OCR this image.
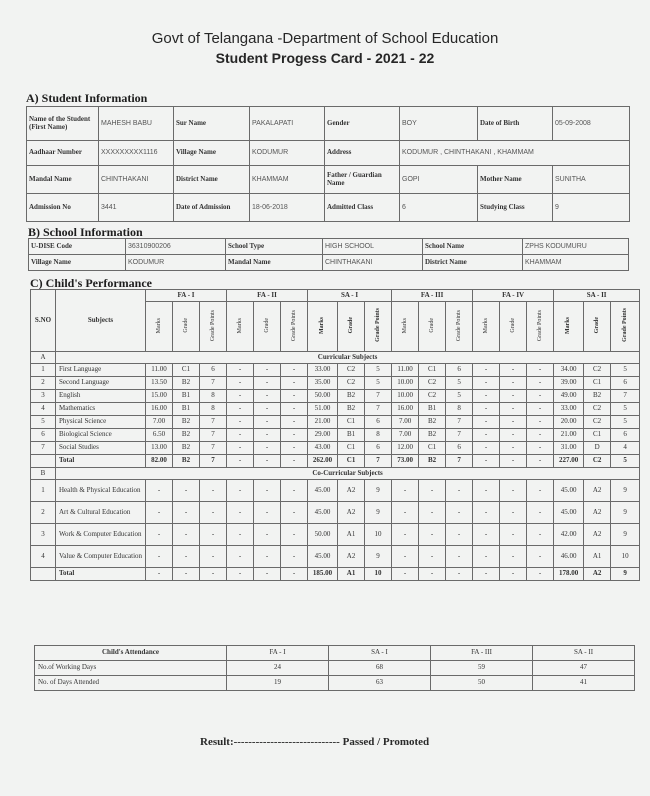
Govt of Telangana -Department of School Education
Student Progess Card - 2021 - 22
A) Student Information
Name of the Student (First Name)	MAHESH BABU	Sur Name	PAKALAPATI	Gender	BOY	Date of Birth	05-09-2008
Aadhaar Number	XXXXXXXXX1116	Village Name	KODUMUR	Address	KODUMUR , CHINTHAKANI , KHAMMAM		
Mandal Name	CHINTHAKANI	District Name	KHAMMAM	Father / Guardian Name	GOPI	Mother Name	SUNITHA
Admission No	3441	Date of Admission	18-06-2018	Admitted Class	6	Studying Class	9
B) School Information
U-DISE Code	36310900206	School Type	HIGH SCHOOL	School Name	ZPHS KODUMURU
Village Name	KODUMUR	Mandal Name	CHINTHAKANI	District Name	KHAMMAM
C) Child's Performance
S.NO	Subjects	FA - I			FA - II			SA - I			FA - III			FA - IV			SA - II		
		Marks	Grade	Grade Points	Marks	Grade	Grade Points	Marks	Grade	Grade Points	Marks	Grade	Grade Points	Marks	Grade	Grade Points	Marks	Grade	Grade Points
A	Curricular Subjects																		
1	First Language	11.00	C1	6	-	-	-	33.00	C2	5	11.00	C1	6	-	-	-	34.00	C2	5
2	Second Language	13.50	B2	7	-	-	-	35.00	C2	5	10.00	C2	5	-	-	-	39.00	C1	6
3	English	15.00	B1	8	-	-	-	50.00	B2	7	10.00	C2	5	-	-	-	49.00	B2	7
4	Mathematics	16.00	B1	8	-	-	-	51.00	B2	7	16.00	B1	8	-	-	-	33.00	C2	5
5	Physical Science	7.00	B2	7	-	-	-	21.00	C1	6	7.00	B2	7	-	-	-	20.00	C2	5
6	Biological Science	6.50	B2	7	-	-	-	29.00	B1	8	7.00	B2	7	-	-	-	21.00	C1	6
7	Social Studies	13.00	B2	7	-	-	-	43.00	C1	6	12.00	C1	6	-	-	-	31.00	D	4
	Total	82.00	B2	7	-	-	-	262.00	C1	7	73.00	B2	7	-	-	-	227.00	C2	5
B	Co-Curricular Subjects																		
1	Health & Physical Education	-	-	-	-	-	-	45.00	A2	9	-	-	-	-	-	-	45.00	A2	9
2	Art & Cultural Education	-	-	-	-	-	-	45.00	A2	9	-	-	-	-	-	-	45.00	A2	9
3	Work & Computer Education	-	-	-	-	-	-	50.00	A1	10	-	-	-	-	-	-	42.00	A2	9
4	Value & Computer Education	-	-	-	-	-	-	45.00	A2	9	-	-	-	-	-	-	46.00	A1	10
	Total	-	-	-	-	-	-	185.00	A1	10	-	-	-	-	-	-	178.00	A2	9
Child's Attendance	FA - I	SA - I	FA - III	SA - II
No.of Working Days	24	68	59	47
No. of Days Attended	19	63	50	41
Result:----------------------------- Passed / Promoted
